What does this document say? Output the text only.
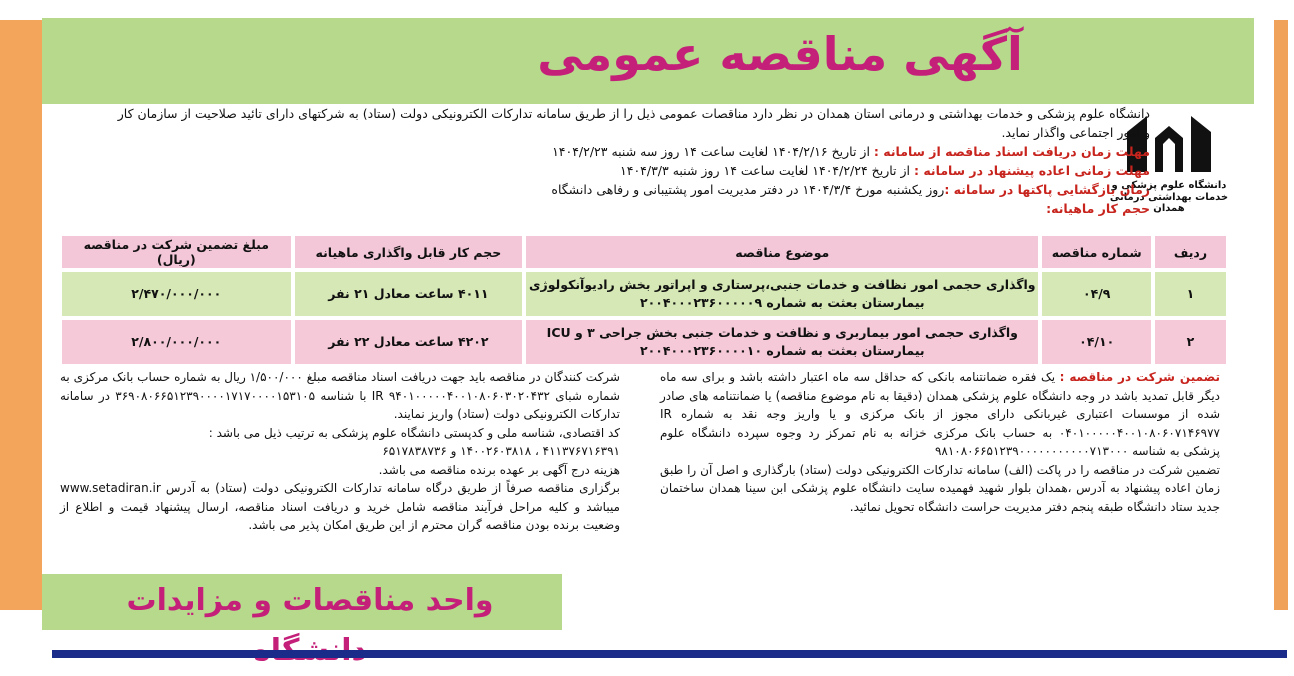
آگهی مناقصه عمومی
دانشگاه علوم پزشکی و
خدمات بهداشتی درمانی همدان

دانشگاه علوم پزشکی و خدمات بهداشتی و درمانی استان همدان در نظر دارد مناقصات عمومی ذیل را از طریق سامانه تدارکات الکترونیکی دولت (ستاد) به شرکتهای دارای تائید صلاحیت از سازمان کار و امور اجتماعی واگذار نماید.

مهلت زمان دریافت اسناد مناقصه از سامانه : از تاریخ ۱۴۰۴/۲/۱۶ لغایت ساعت ۱۴ روز سه شنبه ۱۴۰۴/۲/۲۳

مهلت زمانی اعاده پیشنهاد در سامانه : از تاریخ ۱۴۰۴/۲/۲۴ لغایت ساعت ۱۴ روز شنبه ۱۴۰۴/۳/۳

زمان بازگشایی پاکتها در سامانه :روز یکشنبه مورخ ۱۴۰۴/۳/۴ در دفتر مدیریت امور پشتیبانی و رفاهی دانشگاه

حجم کار ماهیانه:

ردیف	شماره مناقصه	موضوع مناقصه	حجم کار قابل واگذاری ماهیانه	مبلغ تضمین شرکت در مناقصه (ریال)
۱	۰۴/۹	واگذاری حجمی امور نظافت و خدمات جنبی،پرستاری و اپراتور بخش رادیوآنکولوژی
بیمارستان بعثت به شماره ۲۰۰۴۰۰۰۲۳۶۰۰۰۰۰۹	۴۰۱۱ ساعت معادل ۲۱ نفر	۲/۴۷۰/۰۰۰/۰۰۰
۲	۰۴/۱۰	واگذاری حجمی امور بیماربری و نظافت و خدمات جنبی بخش جراحی ۳ و ICU
بیمارستان بعثت به شماره ۲۰۰۴۰۰۰۲۳۶۰۰۰۰۱۰	۴۲۰۲ ساعت معادل ۲۲ نفر	۲/۸۰۰/۰۰۰/۰۰۰

تضمین شرکت در مناقصه : یک فقره ضمانتنامه بانکی که حداقل سه ماه اعتبار داشته باشد و برای سه ماه دیگر قابل تمدید باشد در وجه دانشگاه علوم پزشکی همدان (دقیقا به نام موضوع مناقصه) یا ضمانتنامه های صادر شده از موسسات اعتباری غیربانکی دارای مجوز از بانک مرکزی و یا واریز وجه نقد به شماره IR ۰۴۰۱۰۰۰۰۰۴۰۰۱۰۸۰۶۰۷۱۴۶۹۷۷ به حساب بانک مرکزی خزانه به نام تمرکز رد وجوه سپرده دانشگاه علوم پزشکی به شناسه ۹۸۱۰۸۰۶۶۵۱۲۳۹۰۰۰۰۰۰۰۰۰۰۰۷۱۳۰۰۰

تضمین شرکت در مناقصه را در پاکت (الف) سامانه تدارکات الکترونیکی دولت (ستاد) بارگذاری و اصل آن را طبق زمان اعاده پیشنهاد به آدرس ،همدان بلوار شهید فهمیده سایت دانشگاه علوم پزشکی ابن سینا همدان ساختمان جدید ستاد دانشگاه طبقه پنجم دفتر مدیریت حراست دانشگاه تحویل نمائید.

شرکت کنندگان در مناقصه باید جهت دریافت اسناد مناقصه مبلغ ۱/۵۰۰/۰۰۰ ریال به شماره حساب بانک مرکزی به شماره شبای IR ۹۴۰۱۰۰۰۰۰۴۰۰۱۰۸۰۶۰۳۰۲۰۴۳۲ با شناسه ۳۶۹۰۸۰۶۶۵۱۲۳۹۰۰۰۰۱۷۱۷۰۰۰۰۱۵۳۱۰۵ در سامانه تدارکات الکترونیکی دولت (ستاد) واریز نمایند.

کد اقتصادی، شناسه ملی و کدپستی دانشگاه علوم پزشکی به ترتیب ذیل می باشد :

۴۱۱۳۷۶۷۱۶۳۹۱ ، ۱۴۰۰۲۶۰۳۸۱۸ و ۶۵۱۷۸۳۸۷۳۶

هزینه درج آگهی بر عهده برنده مناقصه می باشد.

برگزاری مناقصه صرفاً از طریق درگاه سامانه تدارکات الکترونیکی دولت (ستاد) به آدرس www.setadiran.ir میباشد و کلیه مراحل فرآیند مناقصه شامل خرید و دریافت اسناد مناقصه، ارسال پیشنهاد قیمت و اطلاع از وضعیت برنده بودن مناقصه گران محترم از این طریق امکان پذیر می باشد.

واحد مناقصات و مزایدات
